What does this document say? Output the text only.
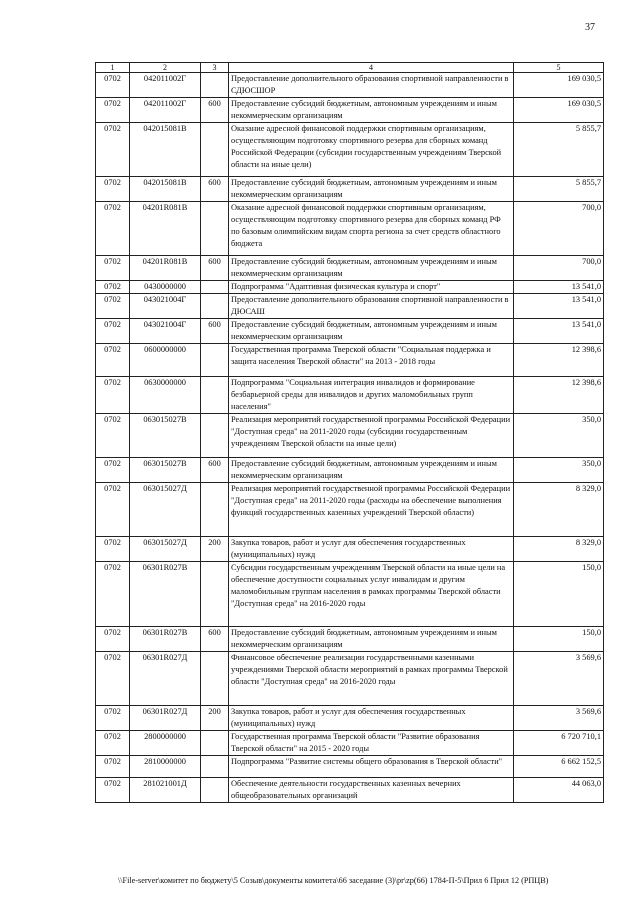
37
1	2	3	4	5
0702	042011002Г		Предоставление дополнительного образования спортивной направленности в СДЮСШОР	169 030,5
0702	042011002Г	600	Предоставление субсидий бюджетным, автономным учреждениям и иным некоммерческим организациям	169 030,5
0702	042015081В		Оказание адресной финансовой поддержки спортивным организациям, осуществляющим подготовку спортивного резерва для сборных команд Российской Федерации (субсидии государственным учреждениям Тверской области на иные цели)	5 855,7
0702	042015081В	600	Предоставление субсидий бюджетным, автономным учреждениям и иным некоммерческим организациям	5 855,7
0702	04201R081В		Оказание адресной финансовой поддержки спортивным организациям, осуществляющим подготовку спортивного резерва для сборных команд РФ по базовым олимпийским видам спорта региона за счет средств областного бюджета	700,0
0702	04201R081В	600	Предоставление субсидий бюджетным, автономным учреждениям и иным некоммерческим организациям	700,0
0702	0430000000		Подпрограмма "Адаптивная физическая культура и спорт"	13 541,0
0702	043021004Г		Предоставление дополнительного образования спортивной направленности в ДЮСАШ	13 541,0
0702	043021004Г	600	Предоставление субсидий бюджетным, автономным учреждениям и иным некоммерческим организациям	13 541,0
0702	0600000000		Государственная программа Тверской области "Социальная поддержка и защита населения Тверской области" на 2013 - 2018 годы	12 398,6
0702	0630000000		Подпрограмма "Социальная интеграция инвалидов и формирование безбарьерной среды для инвалидов и других маломобильных групп населения"	12 398,6
0702	063015027В		Реализация мероприятий государственной программы Российской Федерации "Доступная среда" на 2011-2020 годы (субсидии государственным учреждениям Тверской области на иные цели)	350,0
0702	063015027В	600	Предоставление субсидий бюджетным, автономным учреждениям и иным некоммерческим организациям	350,0
0702	063015027Д		Реализация мероприятий государственной программы Российской Федерации "Доступная среда" на 2011-2020 годы (расходы на обеспечение выполнения функций государственных казенных учреждений Тверской области)	8 329,0
0702	063015027Д	200	Закупка товаров, работ и услуг для обеспечения государственных (муниципальных) нужд	8 329,0
0702	06301R027В		Субсидии государственным учреждениям Тверской области на иные цели на обеспечение доступности социальных услуг инвалидам и другим маломобильным группам населения в рамках программы Тверской области "Доступная среда" на 2016-2020 годы	150,0
0702	06301R027В	600	Предоставление субсидий бюджетным, автономным учреждениям и иным некоммерческим организациям	150,0
0702	06301R027Д		Финансовое обеспечение реализации государственными казенными учреждениями Тверской области мероприятий в рамках программы Тверской области "Доступная среда" на 2016-2020 годы	3 569,6
0702	06301R027Д	200	Закупка товаров, работ и услуг для обеспечения государственных (муниципальных) нужд	3 569,6
0702	2800000000		Государственная программа Тверской области "Развитие образования Тверской области" на 2015 - 2020 годы	6 720 710,1
0702	2810000000		Подпрограмма "Развитие системы общего образования в Тверской области"	6 662 152,5
0702	281021001Д		Обеспечение деятельности государственных казенных вечерних общеобразовательных организаций	44 063,0
\\File-server\комитет по бюджету\5 Созыв\документы комитета\66 заседание (3)\pr\zp(66) 1784-П-5\Прил 6 Прил 12 (РПЦВ)
